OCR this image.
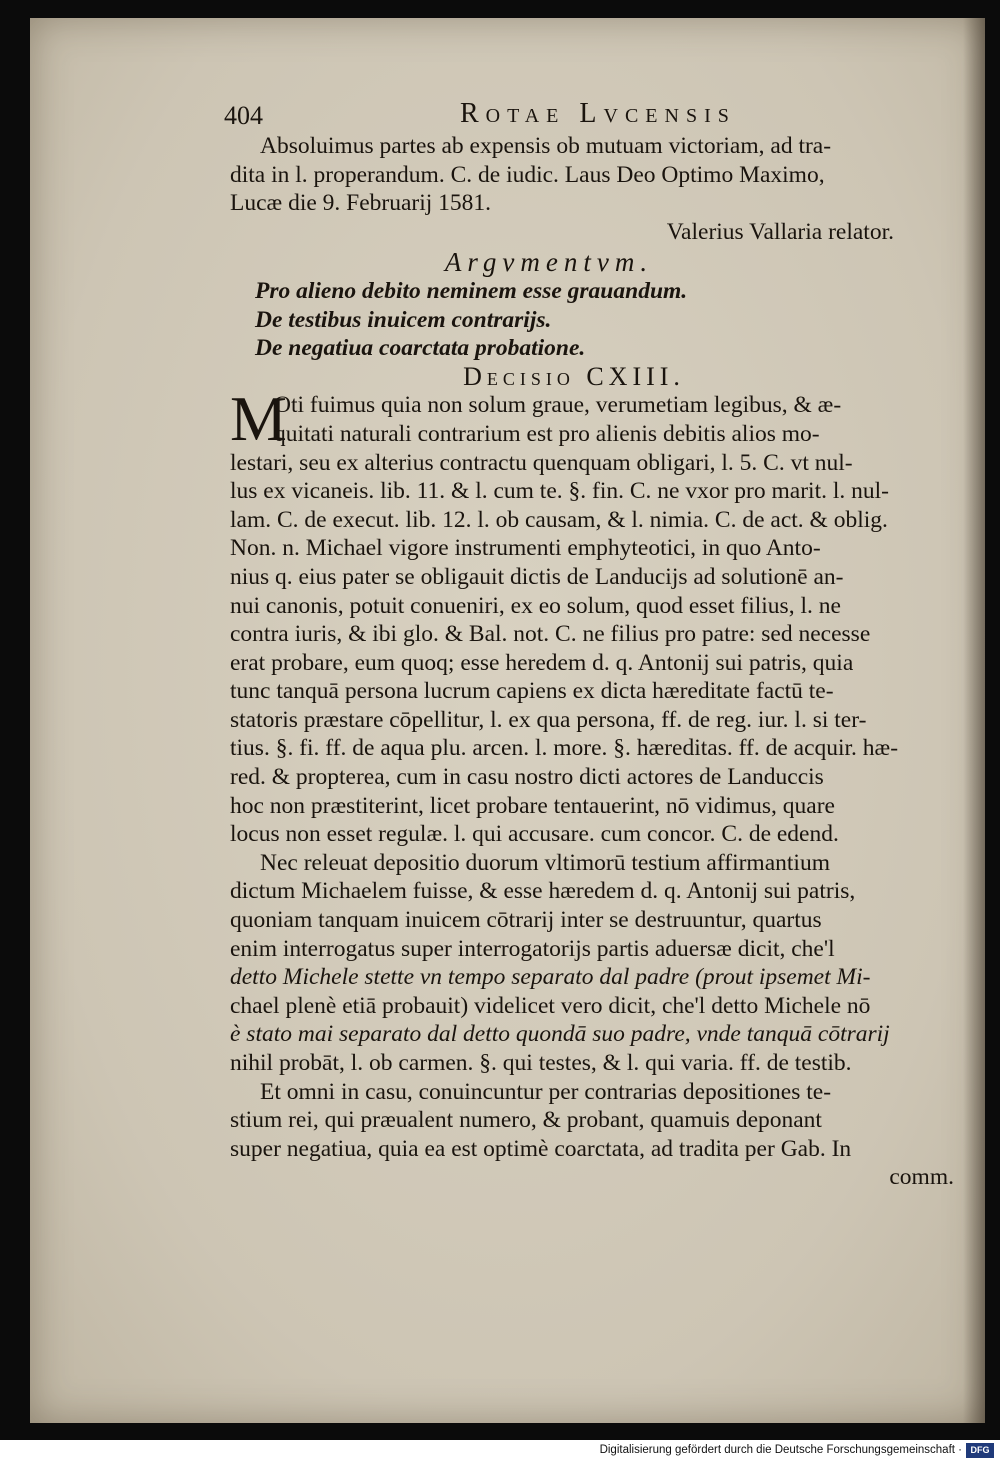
404	Rotae Lvcensis
Absoluimus partes ab expensis ob mutuam victoriam, ad tra-
dita in l. properandum. C. de iudic. Laus Deo Optimo Maximo,
Lucæ die 9. Februarij 1581.
Valerius Vallaria relator.
Argvmentvm.
Pro alieno debito neminem esse grauandum.
De testibus inuicem contrarijs.
De negatiua coarctata probatione.
Decisio CXIII.
M
Oti fuimus quia non solum graue, verumetiam legibus, & æ-
quitati naturali contrarium est pro alienis debitis alios mo-
lestari, seu ex alterius contractu quenquam obligari, l. 5. C. vt nul-
lus ex vicaneis. lib. 11. & l. cum te. §. fin. C. ne vxor pro marit. l. nul-
lam. C. de execut. lib. 12. l. ob causam, & l. nimia. C. de act. & oblig.
Non. n. Michael vigore instrumenti emphyteotici, in quo Anto-
nius q. eius pater se obligauit dictis de Landucijs ad solutionē an-
nui canonis, potuit conueniri, ex eo solum, quod esset filius, l. ne
contra iuris, & ibi glo. & Bal. not. C. ne filius pro patre: sed necesse
erat probare, eum quoq; esse heredem d. q. Antonij sui patris, quia
tunc tanquā persona lucrum capiens ex dicta hæreditate factū te-
statoris præstare cōpellitur, l. ex qua persona, ff. de reg. iur. l. si ter-
tius. §. fi. ff. de aqua plu. arcen. l. more. §. hæreditas. ff. de acquir. hæ-
red. & propterea, cum in casu nostro dicti actores de Landuccis
hoc non præstiterint, licet probare tentauerint, nō vidimus, quare
locus non esset regulæ. l. qui accusare. cum concor. C. de edend.
Nec releuat depositio duorum vltimorū testium affirmantium
dictum Michaelem fuisse, & esse hæredem d. q. Antonij sui patris,
quoniam tanquam inuicem cōtrarij inter se destruuntur, quartus
enim interrogatus super interrogatorijs partis aduersæ dicit, che'l
detto Michele stette vn tempo separato dal padre (prout ipsemet Mi-
chael plenè etiā probauit) videlicet vero dicit, che'l detto Michele nō
è stato mai separato dal detto quondā suo padre, vnde tanquā cōtrarij
nihil probāt, l. ob carmen. §. qui testes, & l. qui varia. ff. de testib.
Et omni in casu, conuincuntur per contrarias depositiones te-
stium rei, qui præualent numero, & probant, quamuis deponant
super negatiua, quia ea est optimè coarctata, ad tradita per Gab. In
comm.
Digitalisierung gefördert durch die Deutsche Forschungsgemeinschaft · DFG
